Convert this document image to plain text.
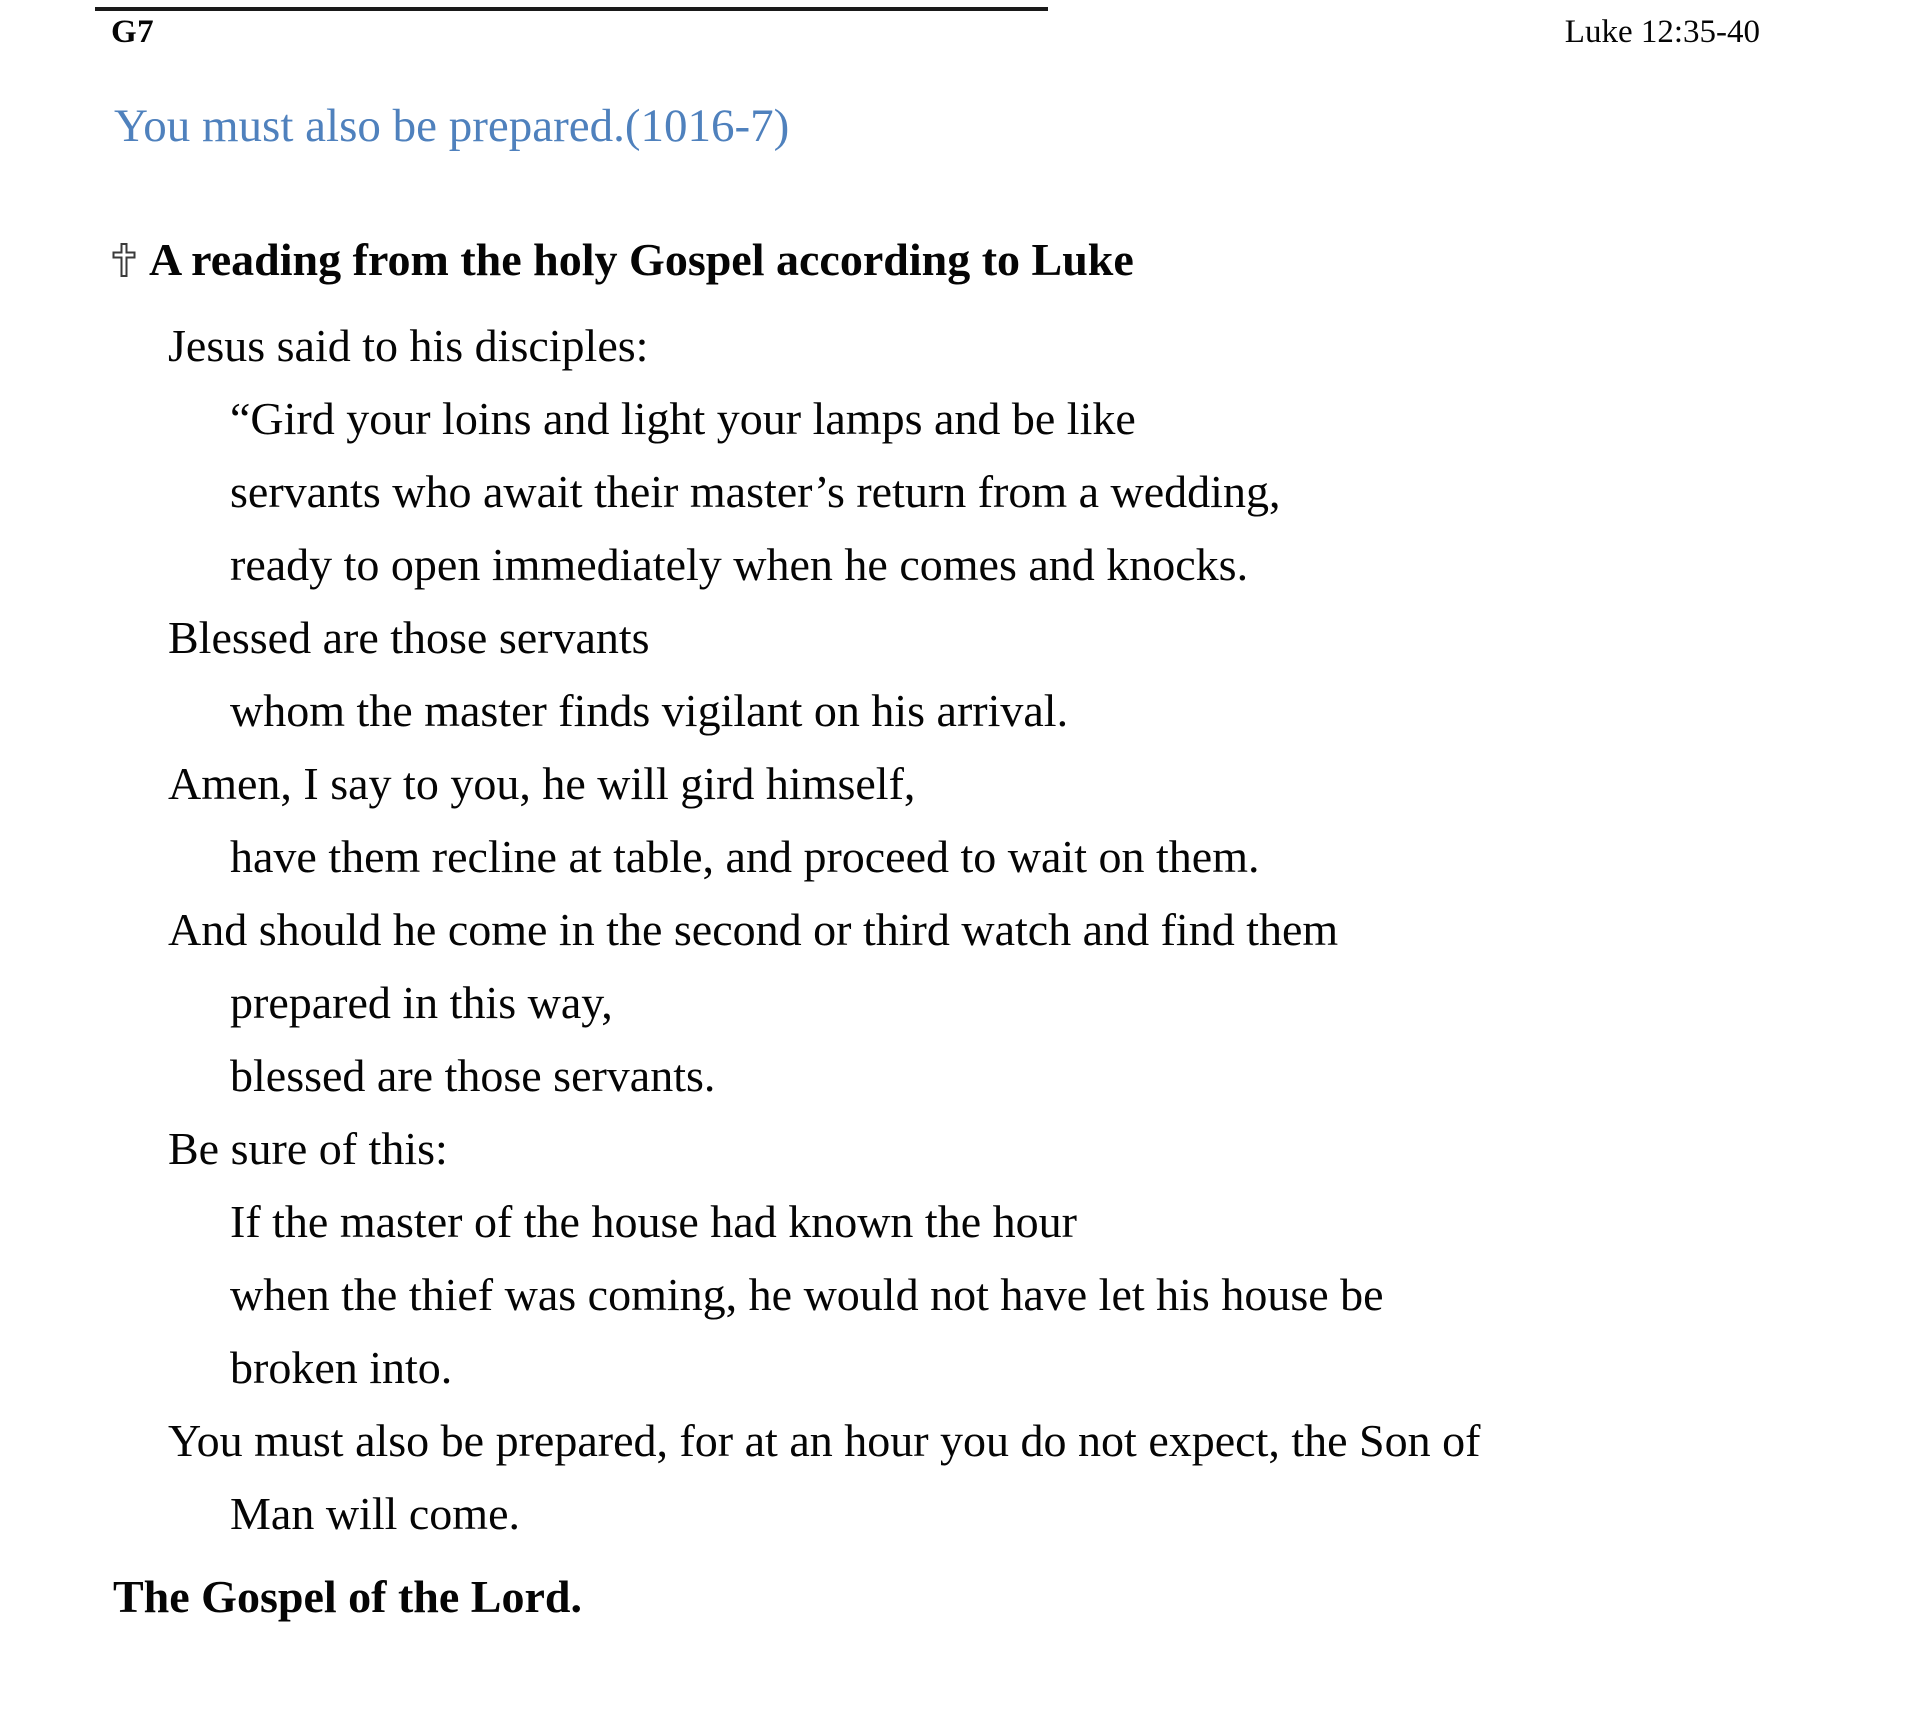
G7	Luke 12:35-40
You must also be prepared.(1016-7)
A reading from the holy Gospel according to Luke
Jesus said to his disciples:
“Gird your loins and light your lamps and be like
servants who await their master’s return from a wedding,
ready to open immediately when he comes and knocks.
Blessed are those servants
whom the master finds vigilant on his arrival.
Amen, I say to you, he will gird himself,
have them recline at table, and proceed to wait on them.
And should he come in the second or third watch and find them
prepared in this way,
blessed are those servants.
Be sure of this:
If the master of the house had known the hour
when the thief was coming, he would not have let his house be
broken into.
You must also be prepared, for at an hour you do not expect, the Son of
Man will come.
The Gospel of the Lord.
